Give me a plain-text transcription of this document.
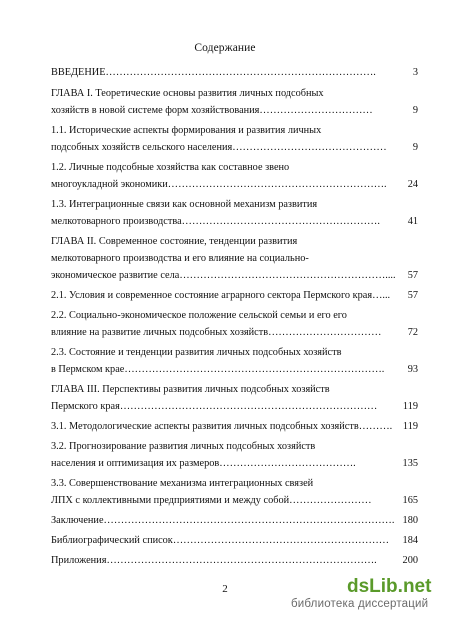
Содержание
ВВЕДЕНИЕ …………………………………………………………………….	3
ГЛАВА I. Теоретические основы развития личных подсобных
хозяйств в новой системе форм хозяйствования ……………………………	9
1.1. Исторические аспекты формирования и развития личных
подсобных хозяйств сельского населения ………………………………………	9
1.2. Личные подсобные хозяйства как составное звено
многоукладной экономики ……………………………………………………….	24
1.3. Интеграционные связи как основной механизм развития
мелкотоварного производства ………………………………………………….	41
ГЛАВА II. Современное состояние, тенденции развития
мелкотоварного производства и его влияние на социально-
экономическое развитие села ……………………………………………………....	57
2.1. Условия и современное состояние аграрного сектора Пермского края …...	57
2.2. Социально-экономическое положение сельской семьи и его его
влияние на развитие личных подсобных хозяйств ……………………………	72
2.3. Состояние и тенденции развития личных подсобных хозяйств
в Пермском крае ………………………………………………………………….	93
ГЛАВА III. Перспективы развития личных подсобных хозяйств
Пермского края …………………………………………………………………	119
3.1. Методологические аспекты развития личных подсобных хозяйств ……….	119
3.2. Прогнозирование развития личных подсобных хозяйств
населения и оптимизация их размеров ………………………………….	135
3.3. Совершенствование механизма интеграционных связей
ЛПХ с коллективными предприятиями и между собой ……………………	165
Заключение …………………………………………………………………………. 180
Библиографический список ………………………………………………………	184
Приложения …………………………………………………………………….	200
2	dsLib.net
библиотека диссертаций
